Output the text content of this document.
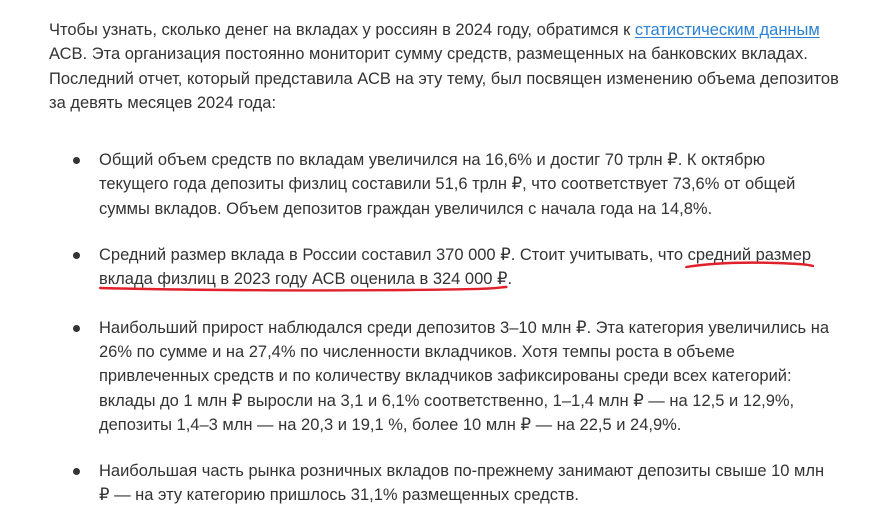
Чтобы узнать, сколько денег на вкладах у россиян в 2024 году, обратимся к статистическим данным АСВ. Эта организация постоянно мониторит сумму средств, размещенных на банковских вкладах. Последний отчет, который представила АСВ на эту тему, был посвящен изменению объема депозитов за девять месяцев 2024 года:

Общий объем средств по вкладам увеличился на 16,6% и достиг 70 трлн ₽. К октябрю текущего года депозиты физлиц составили 51,6 трлн ₽, что соответствует 73,6% от общей суммы вкладов. Объем депозитов граждан увеличился с начала года на 14,8%.
Средний размер вклада в России составил 370 000 ₽. Стоит учитывать, что средний размер
вклада физлиц в 2023 году АСВ оценила в 324 000 ₽.
Наибольший прирост наблюдался среди депозитов 3–10 млн ₽. Эта категория увеличились на 26% по сумме и на 27,4% по численности вкладчиков. Хотя темпы роста в объеме привлеченных средств и по количеству вкладчиков зафиксированы среди всех категорий: вклады до 1 млн ₽ выросли на 3,1 и 6,1% соответственно, 1–1,4 млн ₽ — на 12,5 и 12,9%, депозиты 1,4–3 млн — на 20,3 и 19,1 %, более 10 млн ₽ — на 22,5 и 24,9%.
Наибольшая часть рынка розничных вкладов по-прежнему занимают депозиты свыше 10 млн ₽ — на эту категорию пришлось 31,1% размещенных средств.
